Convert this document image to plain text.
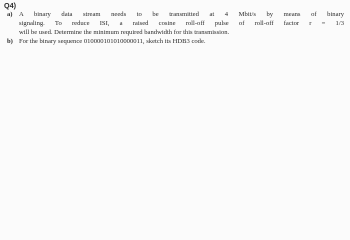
Q4)
a) A binary data stream needs to be transmitted at 4 Mbit/s by means of binary
signaling. To reduce ISI, a raised cosine roll-off pulse of roll-off factor r = 1/3
will be used. Determine the minimum required bandwidth for this transmission.
b) For the binary sequence 010000101010000011, sketch its HDB3 code.
